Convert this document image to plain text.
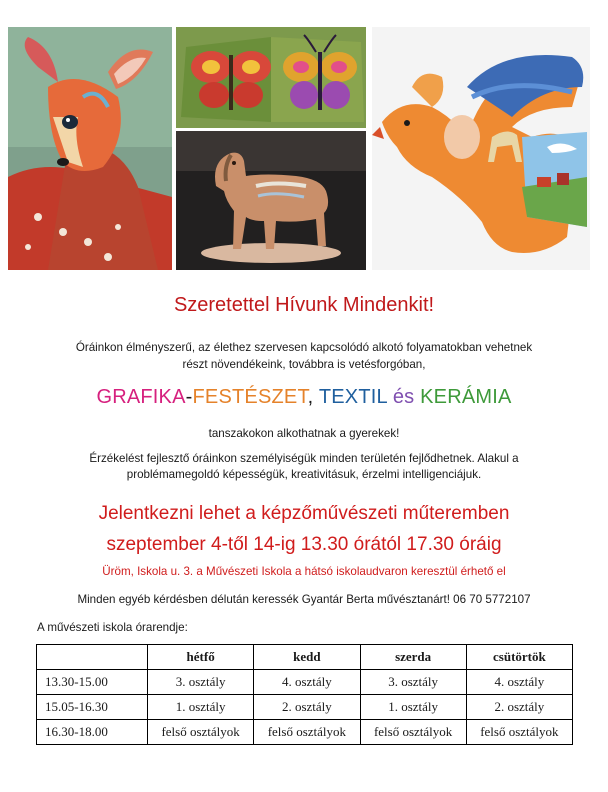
Szeretettel Hívunk Mindenkit!
Óráinkon élményszerű, az élethez szervesen kapcsolódó alkotó folyamatokban vehetnek
részt növendékeink, továbbra is vetésforgóban,
GRAFIKA-FESTÉSZET, TEXTIL és KERÁMIA
tanszakokon alkothatnak a gyerekek!
Érzékelést fejlesztő óráinkon személyiségük minden területén fejlődhetnek. Alakul a
problémamegoldó képességük, kreativitásuk, érzelmi intelligenciájuk.
Jelentkezni lehet a képzőművészeti műteremben
szeptember 4-től 14-ig 13.30 órától 17.30 óráig
Üröm, Iskola u. 3. a Művészeti Iskola a hátsó iskolaudvaron keresztül érhető el
Minden egyéb kérdésben délután keressék Gyantár Berta művésztanárt! 06 70 5772107
A művészeti iskola órarendje:
	hétfő	kedd	szerda	csütörtök
13.30-15.00	3. osztály	4. osztály	3. osztály	4. osztály
15.05-16.30	1. osztály	2. osztály	1. osztály	2. osztály
16.30-18.00	felső osztályok	felső osztályok	felső osztályok	felső osztályok
